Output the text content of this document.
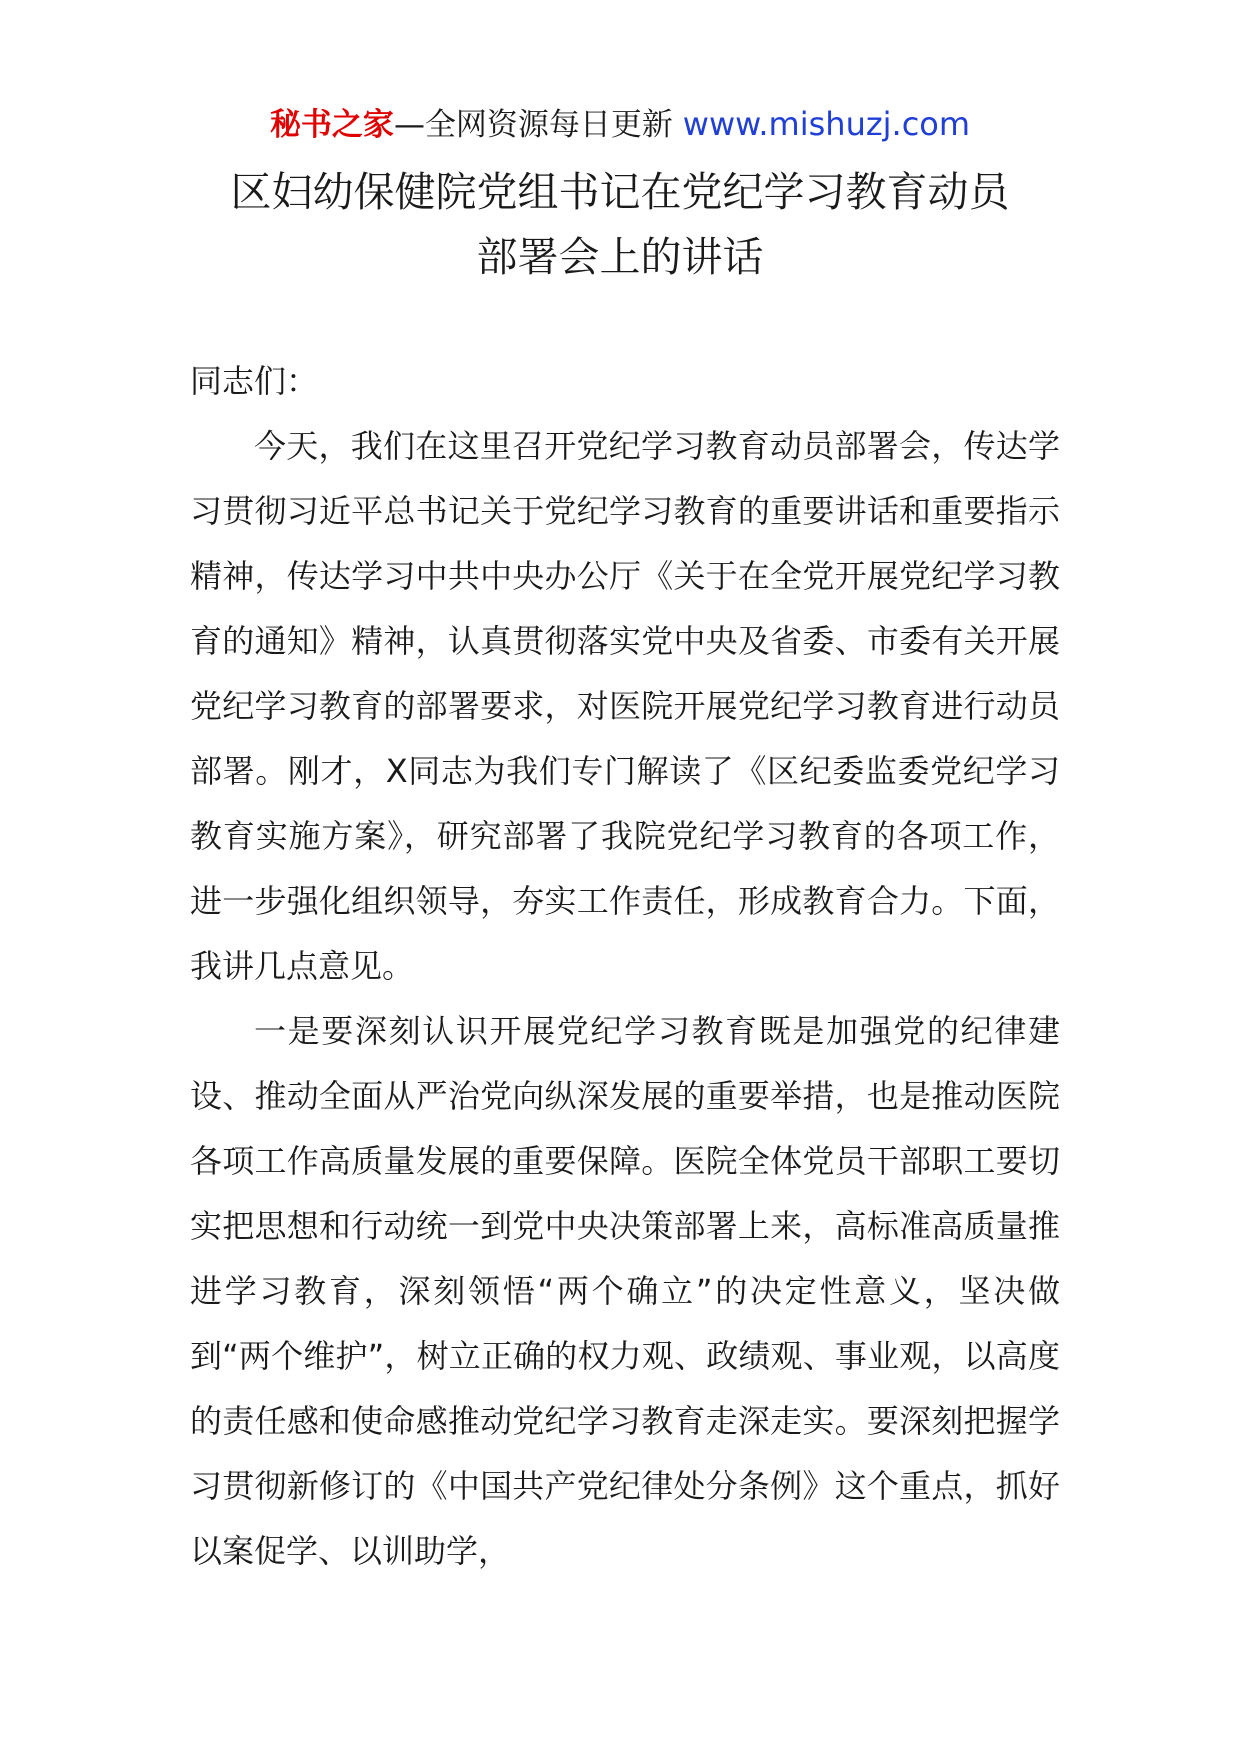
秘书之家—全网资源每日更新 www.mishuzj.com
区妇幼保健院党组书记在党纪学习教育动员
部署会上的讲话

同志们：

今天，我们在这里召开党纪学习教育动员部署会，传达学习贯彻习近平总书记关于党纪学习教育的重要讲话和重要指示精神，传达学习中共中央办公厅《关于在全党开展党纪学习教育的通知》精神，认真贯彻落实党中央及省委、市委有关开展党纪学习教育的部署要求，对医院开展党纪学习教育进行动员部署。刚才，X同志为我们专门解读了《区纪委监委党纪学习教育实施方案》，研究部署了我院党纪学习教育的各项工作，进一步强化组织领导，夯实工作责任，形成教育合力。下面，我讲几点意见。

一是要深刻认识开展党纪学习教育既是加强党的纪律建设、推动全面从严治党向纵深发展的重要举措，也是推动医院各项工作高质量发展的重要保障。医院全体党员干部职工要切实把思想和行动统一到党中央决策部署上来，高标准高质量推进学习教育，深刻领悟“两个确立”的决定性意义，坚决做到“两个维护”，树立正确的权力观、政绩观、事业观，以高度的责任感和使命感推动党纪学习教育走深走实。要深刻把握学习贯彻新修订的《中国共产党纪律处分条例》这个重点，抓好以案促学、以训助学，
